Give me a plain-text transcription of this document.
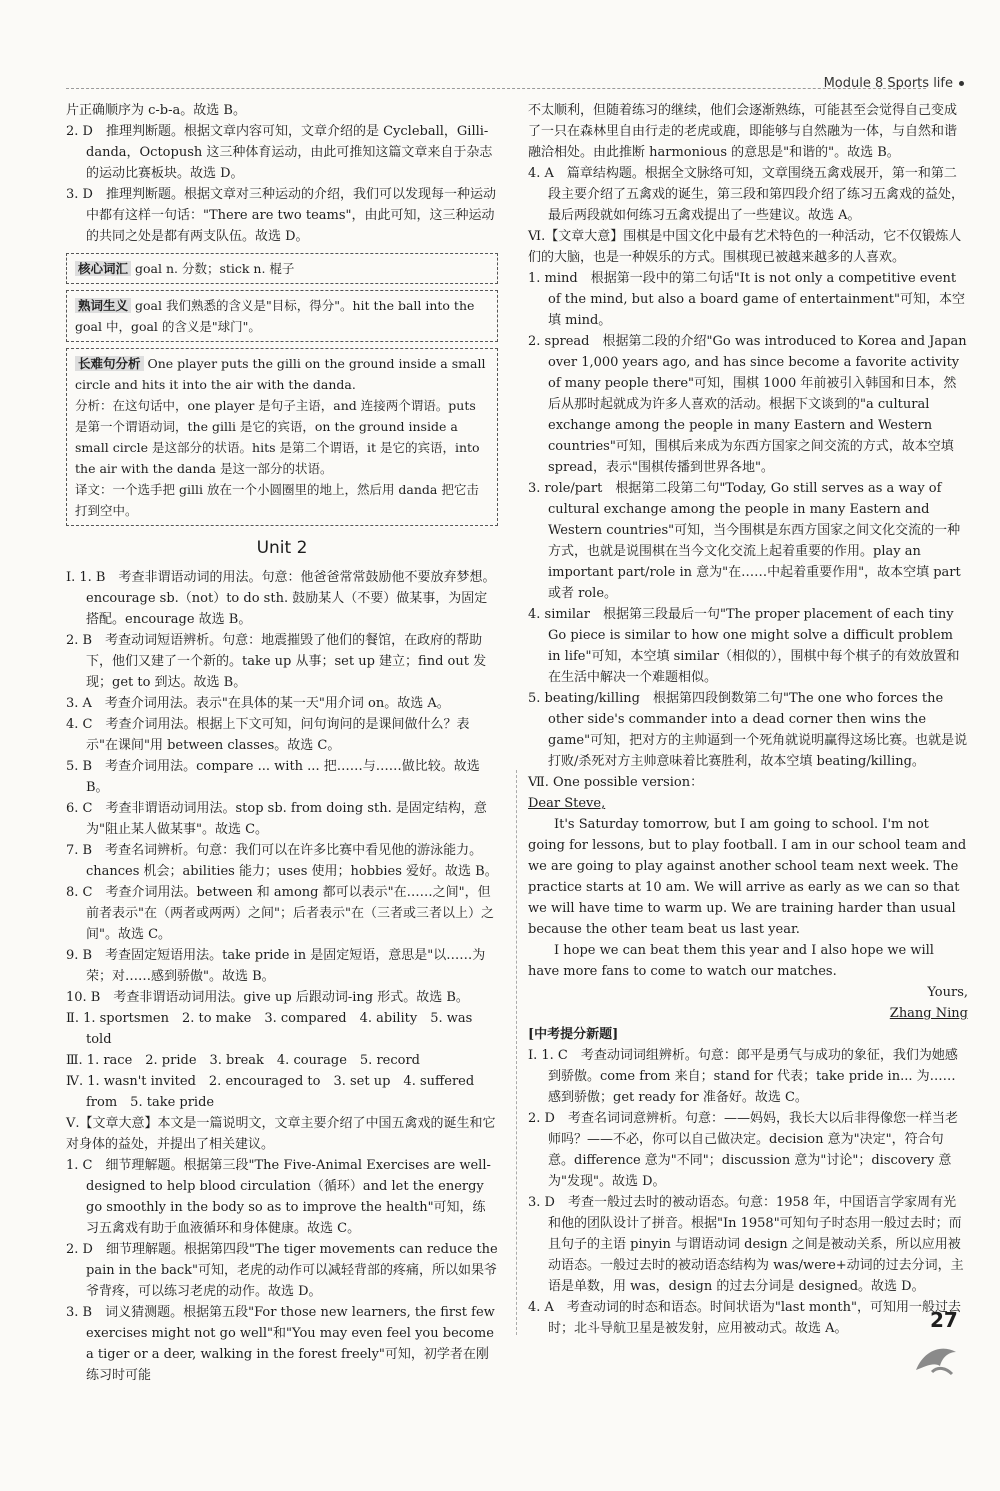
Module 8 Sports life

片正确顺序为 c-b-a。故选 B。

2. D　推理判断题。根据文章内容可知，文章介绍的是 Cycleball，Gilli-danda，Octopush 这三种体育运动，由此可推知这篇文章来自于杂志的运动比赛板块。故选 D。

3. D　推理判断题。根据文章对三种运动的介绍，我们可以发现每一种运动中都有这样一句话："There are two teams"，由此可知，这三种运动的共同之处是都有两支队伍。故选 D。

核心词汇 goal n. 分数；stick n. 棍子
熟词生义 goal 我们熟悉的含义是"目标，得分"。hit the ball into the goal 中，goal 的含义是"球门"。
长难句分析 One player puts the gilli on the ground inside a small circle and hits it into the air with the danda.
分析：在这句话中，one player 是句子主语，and 连接两个谓语。puts 是第一个谓语动词，the gilli 是它的宾语，on the ground inside a small circle 是这部分的状语。hits 是第二个谓语，it 是它的宾语，into the air with the danda 是这一部分的状语。
译文：一个选手把 gilli 放在一个小圆圈里的地上，然后用 danda 把它击打到空中。
Unit 2

Ⅰ. 1. B　考查非谓语动词的用法。句意：他爸爸常常鼓励他不要放弃梦想。encourage sb.（not）to do sth. 鼓励某人（不要）做某事，为固定搭配。encourage 故选 B。

2. B　考查动词短语辨析。句意：地震摧毁了他们的餐馆，在政府的帮助下，他们又建了一个新的。take up 从事；set up 建立；find out 发现；get to 到达。故选 B。

3. A　考查介词用法。表示"在具体的某一天"用介词 on。故选 A。

4. C　考查介词用法。根据上下文可知，问句询问的是课间做什么？表示"在课间"用 between classes。故选 C。

5. B　考查介词用法。compare ... with ... 把……与……做比较。故选 B。

6. C　考查非谓语动词用法。stop sb. from doing sth. 是固定结构，意为"阻止某人做某事"。故选 C。

7. B　考查名词辨析。句意：我们可以在许多比赛中看见他的游泳能力。chances 机会；abilities 能力；uses 使用；hobbies 爱好。故选 B。

8. C　考查介词用法。between 和 among 都可以表示"在……之间"，但前者表示"在（两者或两两）之间"；后者表示"在（三者或三者以上）之间"。故选 C。

9. B　考查固定短语用法。take pride in 是固定短语，意思是"以……为荣；对……感到骄傲"。故选 B。

10. B　考查非谓语动词用法。give up 后跟动词-ing 形式。故选 B。

Ⅱ. 1. sportsmen　2. to make　3. compared　4. ability　5. was told

Ⅲ. 1. race　2. pride　3. break　4. courage　5. record

Ⅳ. 1. wasn't invited　2. encouraged to　3. set up　4. suffered from　5. take pride

Ⅴ.【文章大意】本文是一篇说明文，文章主要介绍了中国五禽戏的诞生和它对身体的益处，并提出了相关建议。

1. C　细节理解题。根据第三段"The Five-Animal Exercises are well-designed to help blood circulation（循环）and let the energy go smoothly in the body so as to improve the health"可知，练习五禽戏有助于血液循环和身体健康。故选 C。

2. D　细节理解题。根据第四段"The tiger movements can reduce the pain in the back"可知，老虎的动作可以减轻背部的疼痛，所以如果爷爷背疼，可以练习老虎的动作。故选 D。

3. B　词义猜测题。根据第五段"For those new learners, the first few exercises might not go well"和"You may even feel you become a tiger or a deer, walking in the forest freely"可知，初学者在刚练习时可能

不太顺利，但随着练习的继续，他们会逐渐熟练，可能甚至会觉得自己变成了一只在森林里自由行走的老虎或鹿，即能够与自然融为一体，与自然和谐融洽相处。由此推断 harmonious 的意思是"和谐的"。故选 B。

4. A　篇章结构题。根据全文脉络可知，文章围绕五禽戏展开，第一和第二段主要介绍了五禽戏的诞生，第三段和第四段介绍了练习五禽戏的益处，最后两段就如何练习五禽戏提出了一些建议。故选 A。

Ⅵ.【文章大意】围棋是中国文化中最有艺术特色的一种活动，它不仅锻炼人们的大脑，也是一种娱乐的方式。围棋现已被越来越多的人喜欢。

1. mind　根据第一段中的第二句话"It is not only a competitive event of the mind, but also a board game of entertainment"可知，本空填 mind。

2. spread　根据第二段的介绍"Go was introduced to Korea and Japan over 1,000 years ago, and has since become a favorite activity of many people there"可知，围棋 1000 年前被引入韩国和日本，然后从那时起就成为许多人喜欢的活动。根据下文谈到的"a cultural exchange among the people in many Eastern and Western countries"可知，围棋后来成为东西方国家之间交流的方式，故本空填 spread，表示"围棋传播到世界各地"。

3. role/part　根据第二段第二句"Today, Go still serves as a way of cultural exchange among the people in many Eastern and Western countries"可知，当今围棋是东西方国家之间文化交流的一种方式，也就是说围棋在当今文化交流上起着重要的作用。play an important part/role in 意为"在……中起着重要作用"，故本空填 part 或者 role。

4. similar　根据第三段最后一句"The proper placement of each tiny Go piece is similar to how one might solve a difficult problem in life"可知，本空填 similar（相似的），围棋中每个棋子的有效放置和在生活中解决一个难题相似。

5. beating/killing　根据第四段倒数第二句"The one who forces the other side's commander into a dead corner then wins the game"可知，把对方的主帅逼到一个死角就说明赢得这场比赛。也就是说打败/杀死对方主帅意味着比赛胜利，故本空填 beating/killing。

Ⅶ. One possible version：

Dear Steve,

It's Saturday tomorrow, but I am going to school. I'm not going for lessons, but to play football. I am in our school team and we are going to play against another school team next week. The practice starts at 10 am. We will arrive as early as we can so that we will have time to warm up. We are training harder than usual because the other team beat us last year.

I hope we can beat them this year and I also hope we will have more fans to come to watch our matches.

Yours,

Zhang Ning

[中考提分新题]

Ⅰ. 1. C　考查动词词组辨析。句意：郎平是勇气与成功的象征，我们为她感到骄傲。come from 来自；stand for 代表；take pride in... 为……感到骄傲；get ready for 准备好。故选 C。

2. D　考查名词词意辨析。句意：——妈妈，我长大以后非得像您一样当老师吗？——不必，你可以自己做决定。decision 意为"决定"，符合句意。difference 意为"不同"；discussion 意为"讨论"；discovery 意为"发现"。故选 D。

3. D　考查一般过去时的被动语态。句意：1958 年，中国语言学家周有光和他的团队设计了拼音。根据"In 1958"可知句子时态用一般过去时；而且句子的主语 pinyin 与谓语动词 design 之间是被动关系，所以应用被动语态。一般过去时的被动语态结构为 was/were+动词的过去分词，主语是单数，用 was，design 的过去分词是 designed。故选 D。

4. A　考查动词的时态和语态。时间状语为"last month"，可知用一般过去时；北斗导航卫星是被发射，应用被动式。故选 A。	27
